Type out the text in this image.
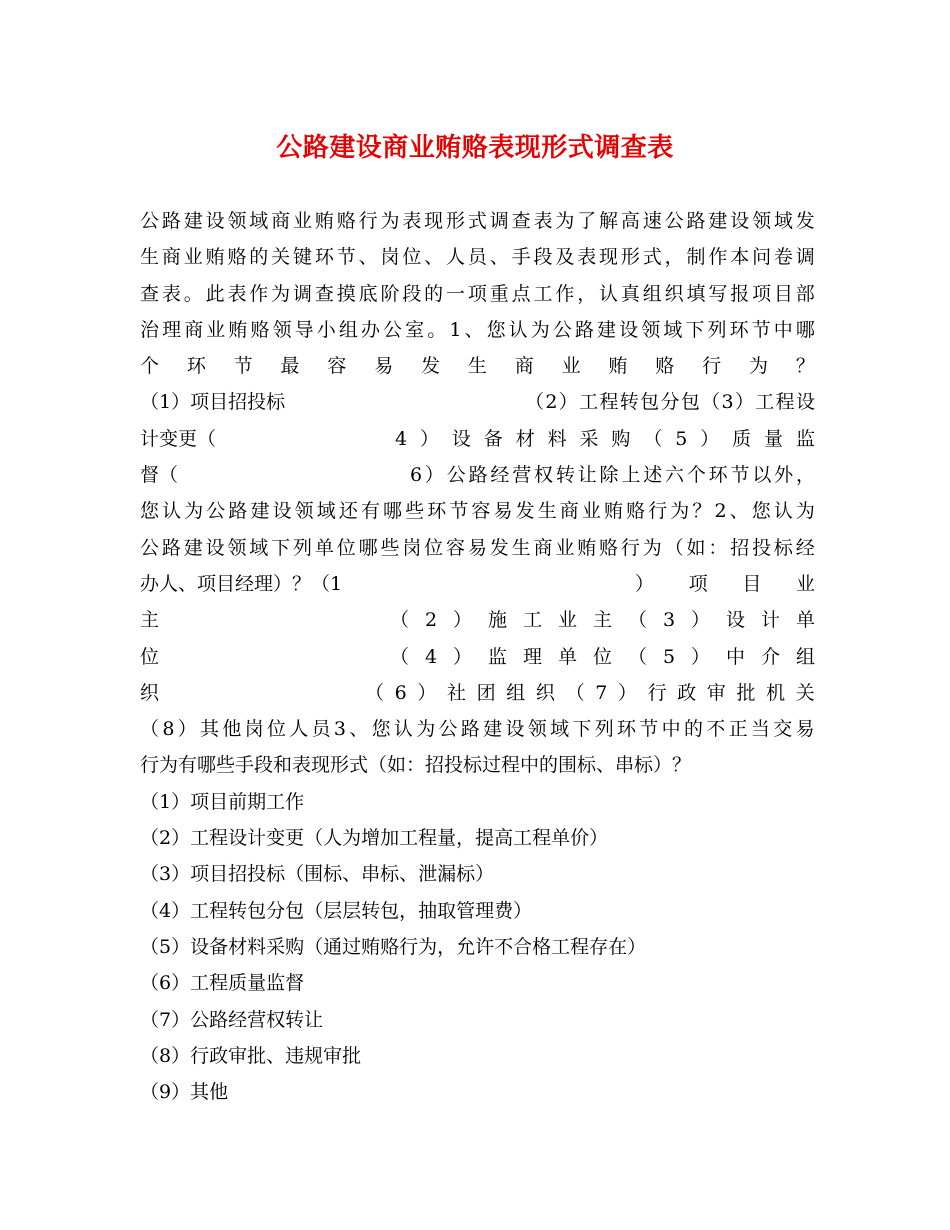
公路建设商业贿赂表现形式调查表
公 路 建 设 领 域 商 业 贿 赂 行 为 表 现 形 式 调 查 表 为 了 解 高 速 公 路 建 设 领 域 发
生 商 业 贿 赂 的 关 键 环 节 、 岗 位 、 人 员 、 手 段 及 表 现 形 式 ， 制 作 本 问 卷 调
查 表 。 此 表 作 为 调 查 摸 底 阶 段 的 一 项 重 点 工 作 ， 认 真 组 织 填 写 报 项 目 部
治 理 商 业 贿 赂 领 导 小 组 办 公 室 。 1 、 您 认 为 公 路 建 设 领 域 下 列 环 节 中 哪
个 环 节 最 容 易 发 生 商 业 贿 赂 行 为 ？
（1）项目招投标	（ 2 ） 工 程 转 包 分 包 （ 3 ） 工 程 设
计变更（	4 ） 设 备 材 料 采 购 （ 5 ） 质 量 监
督（	6 ） 公 路 经 营 权 转 让 除 上 述 六 个 环 节 以 外 ，
您 认 为 公 路 建 设 领 域 还 有 哪 些 环 节 容 易 发 生 商 业 贿 赂 行 为 ？ 2 、 您 认 为
公 路 建 设 领 域 下 列 单 位 哪 些 岗 位 容 易 发 生 商 业 贿 赂 行 为 （ 如 ： 招 投 标 经
办人、项目经理）？（1	） 项 目 业
主	（ 2 ） 施 工 业 主 （ 3 ） 设 计 单
位	（ 4 ） 监 理 单 位 （ 5 ） 中 介 组
织	（ 6 ） 社 团 组 织 （ 7 ） 行 政 审 批 机 关
（ 8 ） 其 他 岗 位 人 员 3 、 您 认 为 公 路 建 设 领 域 下 列 环 节 中 的 不 正 当 交 易
行为有哪些手段和表现形式（如：招投标过程中的围标、串标）？
（1）项目前期工作
（2）工程设计变更（人为增加工程量，提高工程单价）
（3）项目招投标（围标、串标、泄漏标）
（4）工程转包分包（层层转包，抽取管理费）
（5）设备材料采购（通过贿赂行为，允许不合格工程存在）
（6）工程质量监督
（7）公路经营权转让
（8）行政审批、违规审批
（9）其他
